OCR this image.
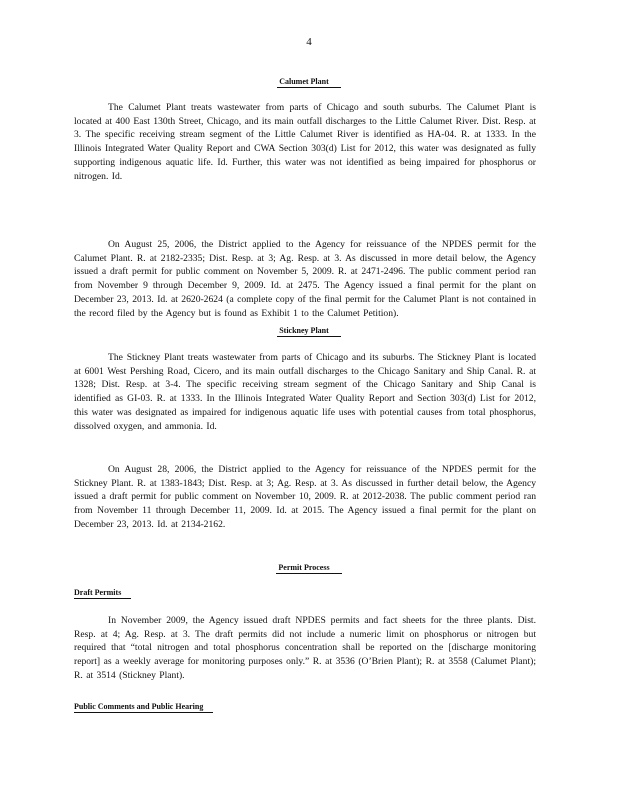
4
Calumet Plant

The Calumet Plant treats wastewater from parts of Chicago and south suburbs. The Calumet Plant is located at 400 East 130th Street, Chicago, and its main outfall discharges to the Little Calumet River. Dist. Resp. at 3. The specific receiving stream segment of the Little Calumet River is identified as HA-04. R. at 1333. In the Illinois Integrated Water Quality Report and CWA Section 303(d) List for 2012, this water was designated as fully supporting indigenous aquatic life. Id. Further, this water was not identified as being impaired for phosphorus or nitrogen. Id.

On August 25, 2006, the District applied to the Agency for reissuance of the NPDES permit for the Calumet Plant. R. at 2182-2335; Dist. Resp. at 3; Ag. Resp. at 3. As discussed in more detail below, the Agency issued a draft permit for public comment on November 5, 2009. R. at 2471-2496. The public comment period ran from November 9 through December 9, 2009. Id. at 2475. The Agency issued a final permit for the plant on December 23, 2013. Id. at 2620-2624 (a complete copy of the final permit for the Calumet Plant is not contained in the record filed by the Agency but is found as Exhibit 1 to the Calumet Petition).

Stickney Plant

The Stickney Plant treats wastewater from parts of Chicago and its suburbs. The Stickney Plant is located at 6001 West Pershing Road, Cicero, and its main outfall discharges to the Chicago Sanitary and Ship Canal. R. at 1328; Dist. Resp. at 3-4. The specific receiving stream segment of the Chicago Sanitary and Ship Canal is identified as GI-03. R. at 1333. In the Illinois Integrated Water Quality Report and Section 303(d) List for 2012, this water was designated as impaired for indigenous aquatic life uses with potential causes from total phosphorus, dissolved oxygen, and ammonia. Id.

On August 28, 2006, the District applied to the Agency for reissuance of the NPDES permit for the Stickney Plant. R. at 1383-1843; Dist. Resp. at 3; Ag. Resp. at 3. As discussed in further detail below, the Agency issued a draft permit for public comment on November 10, 2009. R. at 2012-2038. The public comment period ran from November 11 through December 11, 2009. Id. at 2015. The Agency issued a final permit for the plant on December 23, 2013. Id. at 2134-2162.

Permit Process
Draft Permits

In November 2009, the Agency issued draft NPDES permits and fact sheets for the three plants. Dist. Resp. at 4; Ag. Resp. at 3. The draft permits did not include a numeric limit on phosphorus or nitrogen but required that “total nitrogen and total phosphorus concentration shall be reported on the [discharge monitoring report] as a weekly average for monitoring purposes only.” R. at 3536 (O’Brien Plant); R. at 3558 (Calumet Plant); R. at 3514 (Stickney Plant).

Public Comments and Public Hearing
